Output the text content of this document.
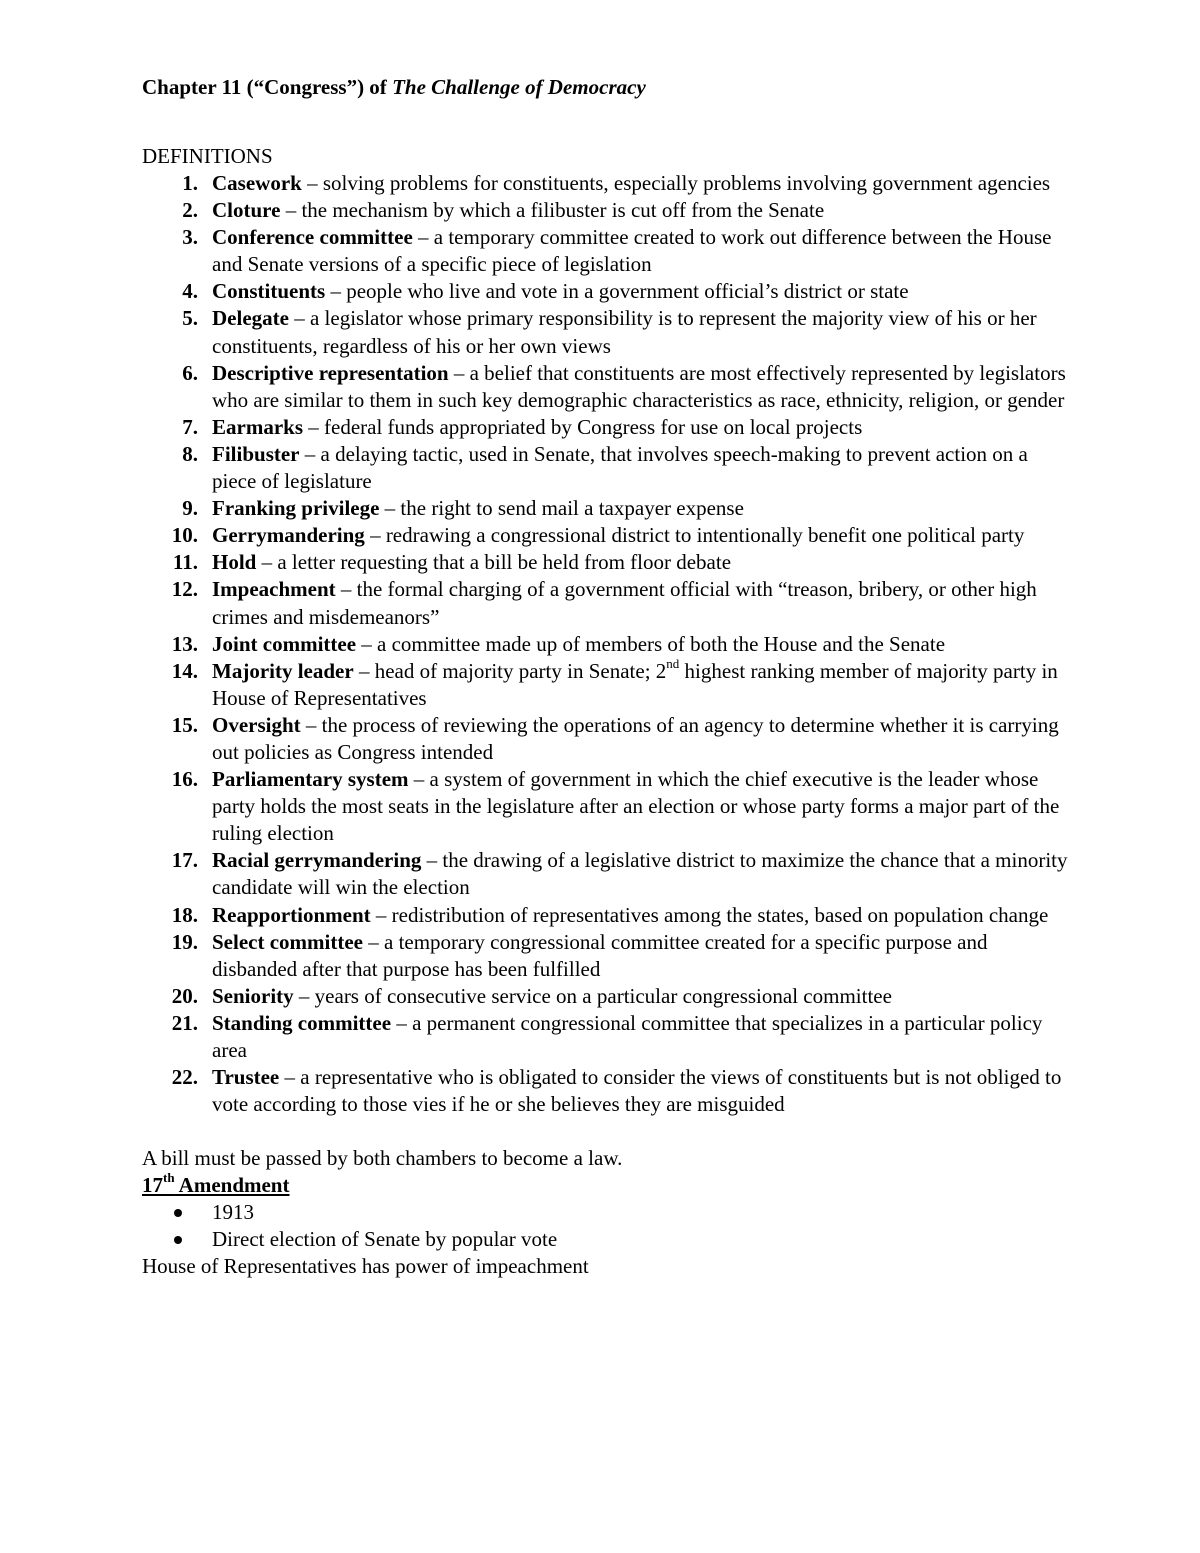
Chapter 11 (“Congress”) of The Challenge of Democracy
DEFINITIONS
Casework – solving problems for constituents, especially problems involving government agencies
Cloture – the mechanism by which a filibuster is cut off from the Senate
Conference committee – a temporary committee created to work out difference between the House and Senate versions of a specific piece of legislation
Constituents – people who live and vote in a government official’s district or state
Delegate – a legislator whose primary responsibility is to represent the majority view of his or her constituents, regardless of his or her own views
Descriptive representation – a belief that constituents are most effectively represented by legislators who are similar to them in such key demographic characteristics as race, ethnicity, religion, or gender
Earmarks – federal funds appropriated by Congress for use on local projects
Filibuster – a delaying tactic, used in Senate, that involves speech-making to prevent action on a piece of legislature
Franking privilege – the right to send mail a taxpayer expense
Gerrymandering – redrawing a congressional district to intentionally benefit one political party
Hold – a letter requesting that a bill be held from floor debate
Impeachment – the formal charging of a government official with “treason, bribery, or other high crimes and misdemeanors”
Joint committee – a committee made up of members of both the House and the Senate
Majority leader – head of majority party in Senate; 2nd highest ranking member of majority party in House of Representatives
Oversight – the process of reviewing the operations of an agency to determine whether it is carrying out policies as Congress intended
Parliamentary system – a system of government in which the chief executive is the leader whose party holds the most seats in the legislature after an election or whose party forms a major part of the ruling election
Racial gerrymandering – the drawing of a legislative district to maximize the chance that a minority candidate will win the election
Reapportionment – redistribution of representatives among the states, based on population change
Select committee – a temporary congressional committee created for a specific purpose and disbanded after that purpose has been fulfilled
Seniority – years of consecutive service on a particular congressional committee
Standing committee – a permanent congressional committee that specializes in a particular policy area
Trustee – a representative who is obligated to consider the views of constituents but is not obliged to vote according to those vies if he or she believes they are misguided
A bill must be passed by both chambers to become a law.
17th Amendment
1913
Direct election of Senate by popular vote
House of Representatives has power of impeachment
